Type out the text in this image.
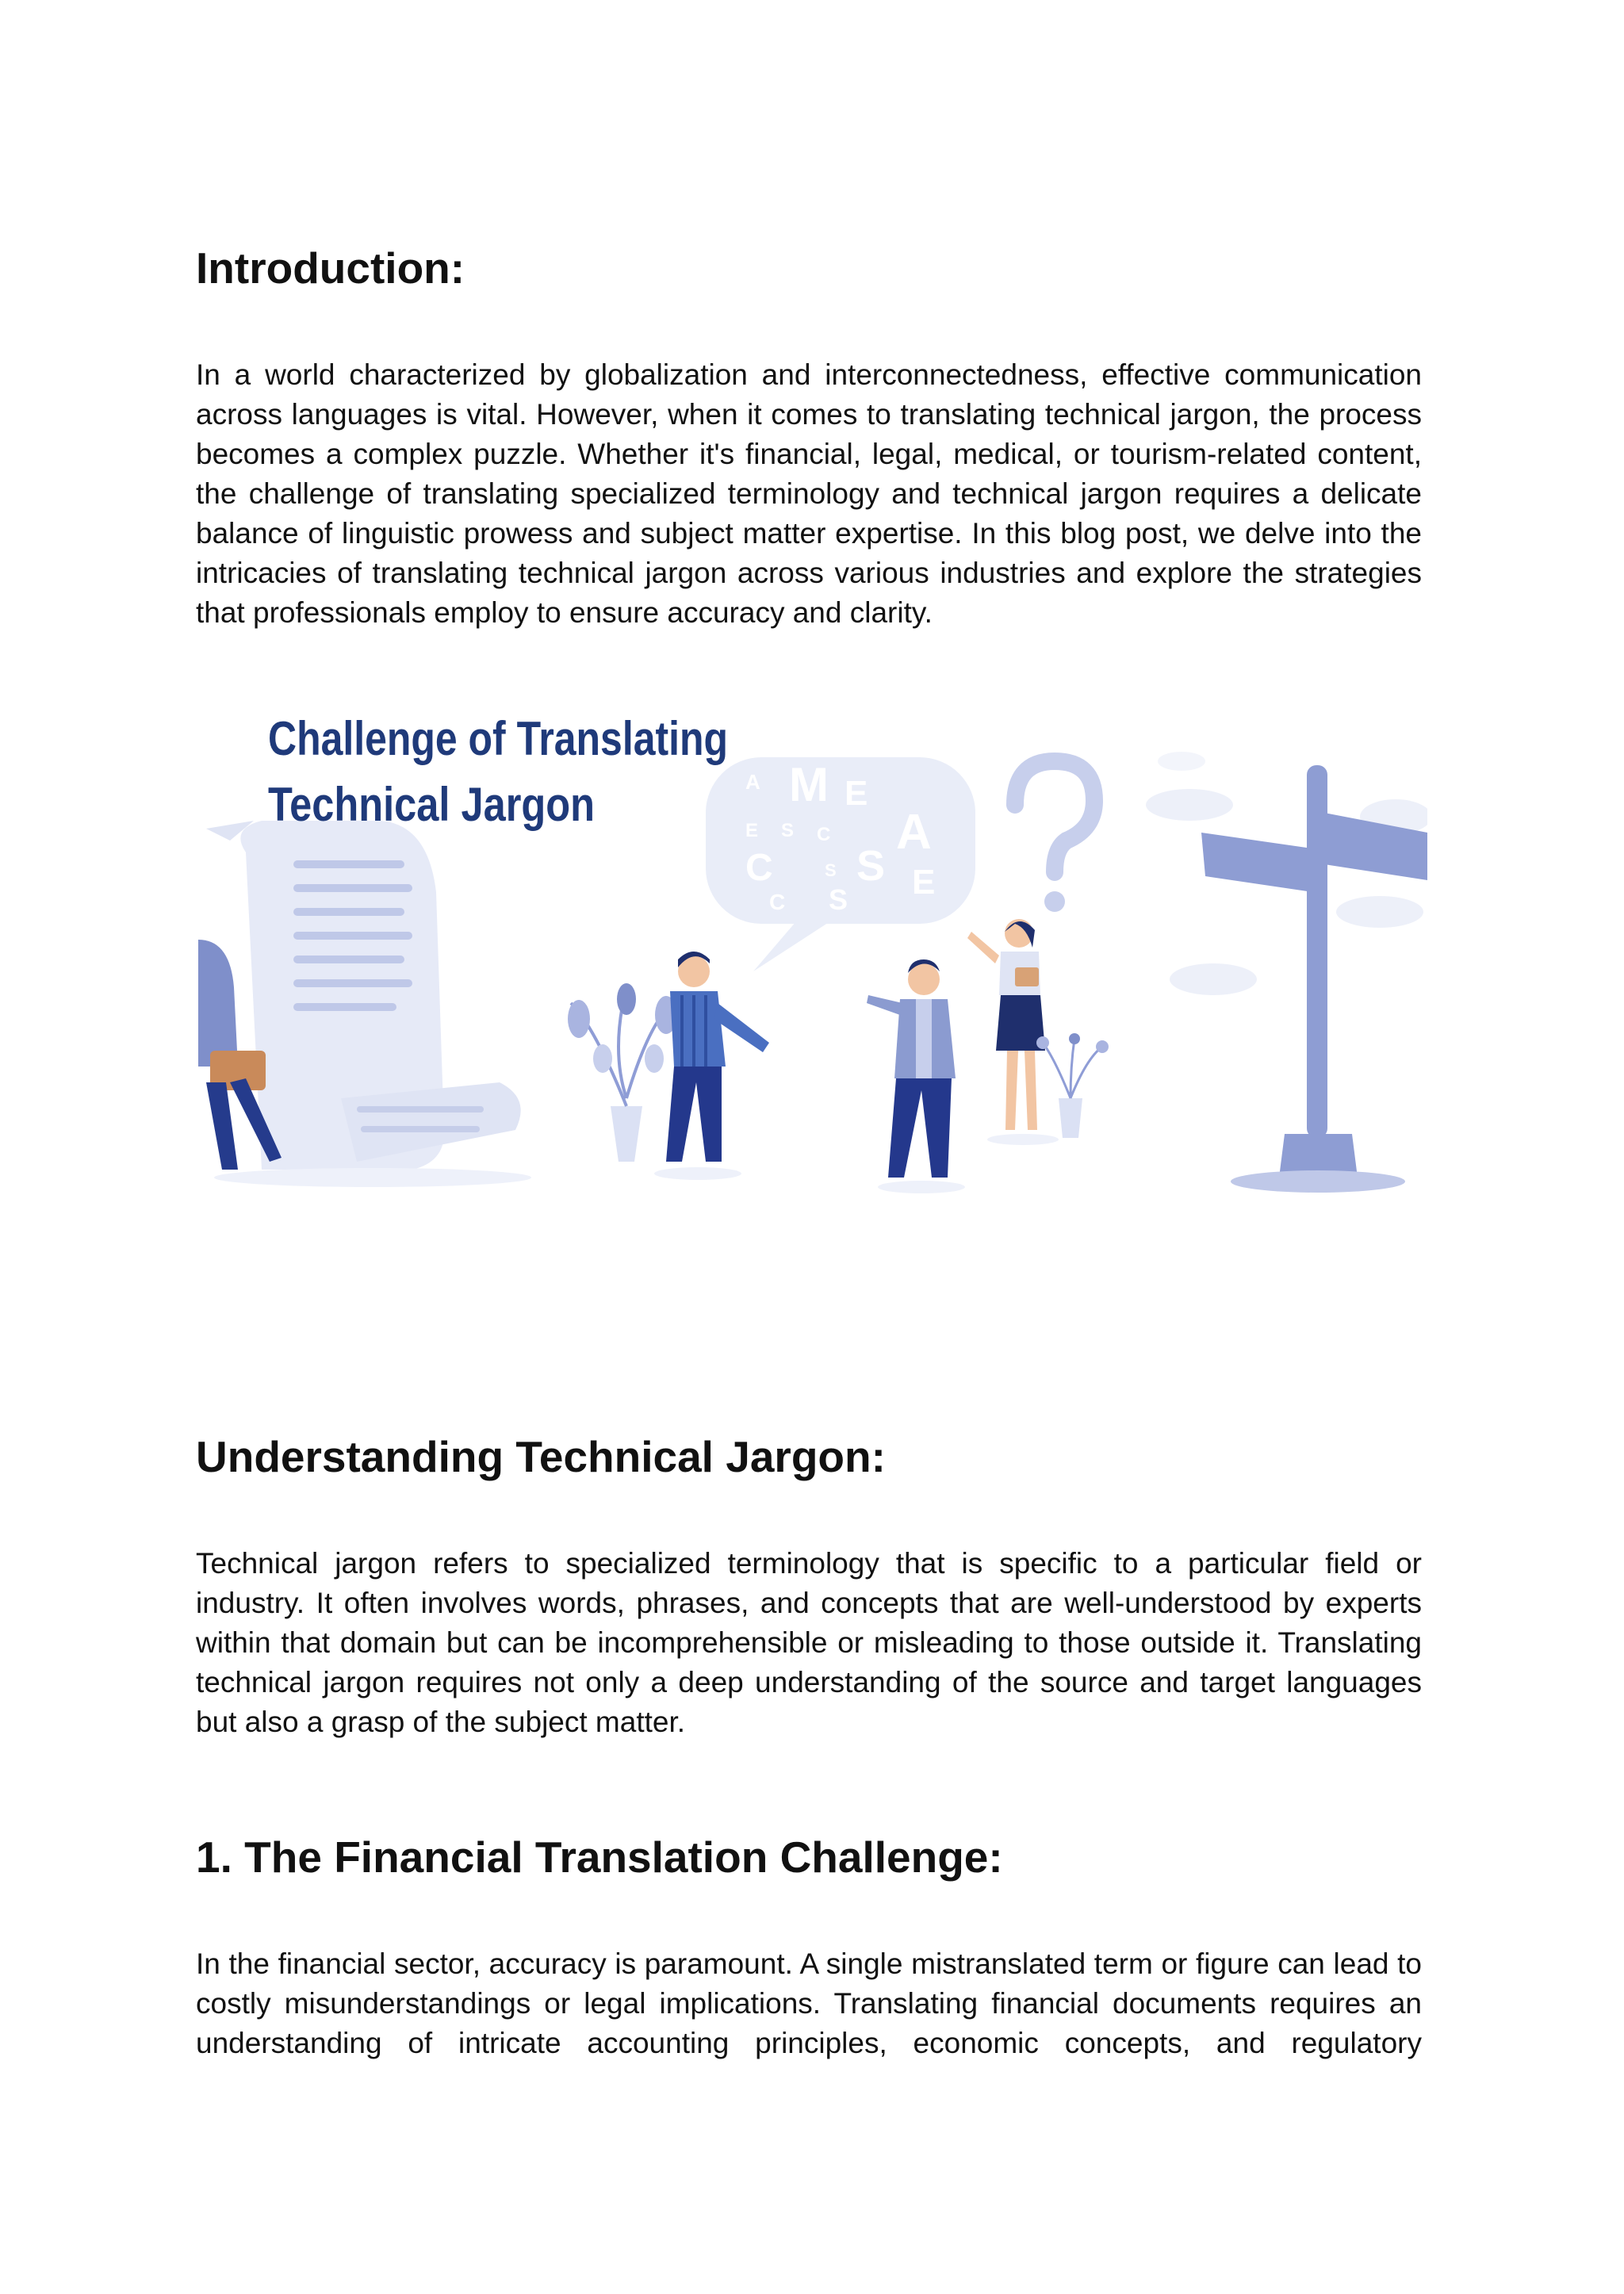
Introduction:

In a world characterized by globalization and interconnectedness, effective communication across languages is vital. However, when it comes to translating technical jargon, the process becomes a complex puzzle. Whether it's financial, legal, medical, or tourism-related content, the challenge of translating specialized terminology and technical jargon requires a delicate balance of linguistic prowess and subject matter expertise. In this blog post, we delve into the intricacies of translating technical jargon across various industries and explore the strategies that professionals employ to ensure accuracy and clarity.

Challenge of Translating
Technical Jargon	A M E
E S C
C	S S
A
E
C S
Understanding Technical Jargon:

Technical jargon refers to specialized terminology that is specific to a particular field or industry. It often involves words, phrases, and concepts that are well-understood by experts within that domain but can be incomprehensible or misleading to those outside it. Translating technical jargon requires not only a deep understanding of the source and target languages but also a grasp of the subject matter.

1. The Financial Translation Challenge:

In the financial sector, accuracy is paramount. A single mistranslated term or figure can lead to costly misunderstandings or legal implications. Translating financial documents requires an understanding of intricate accounting principles, economic concepts, and regulatory
